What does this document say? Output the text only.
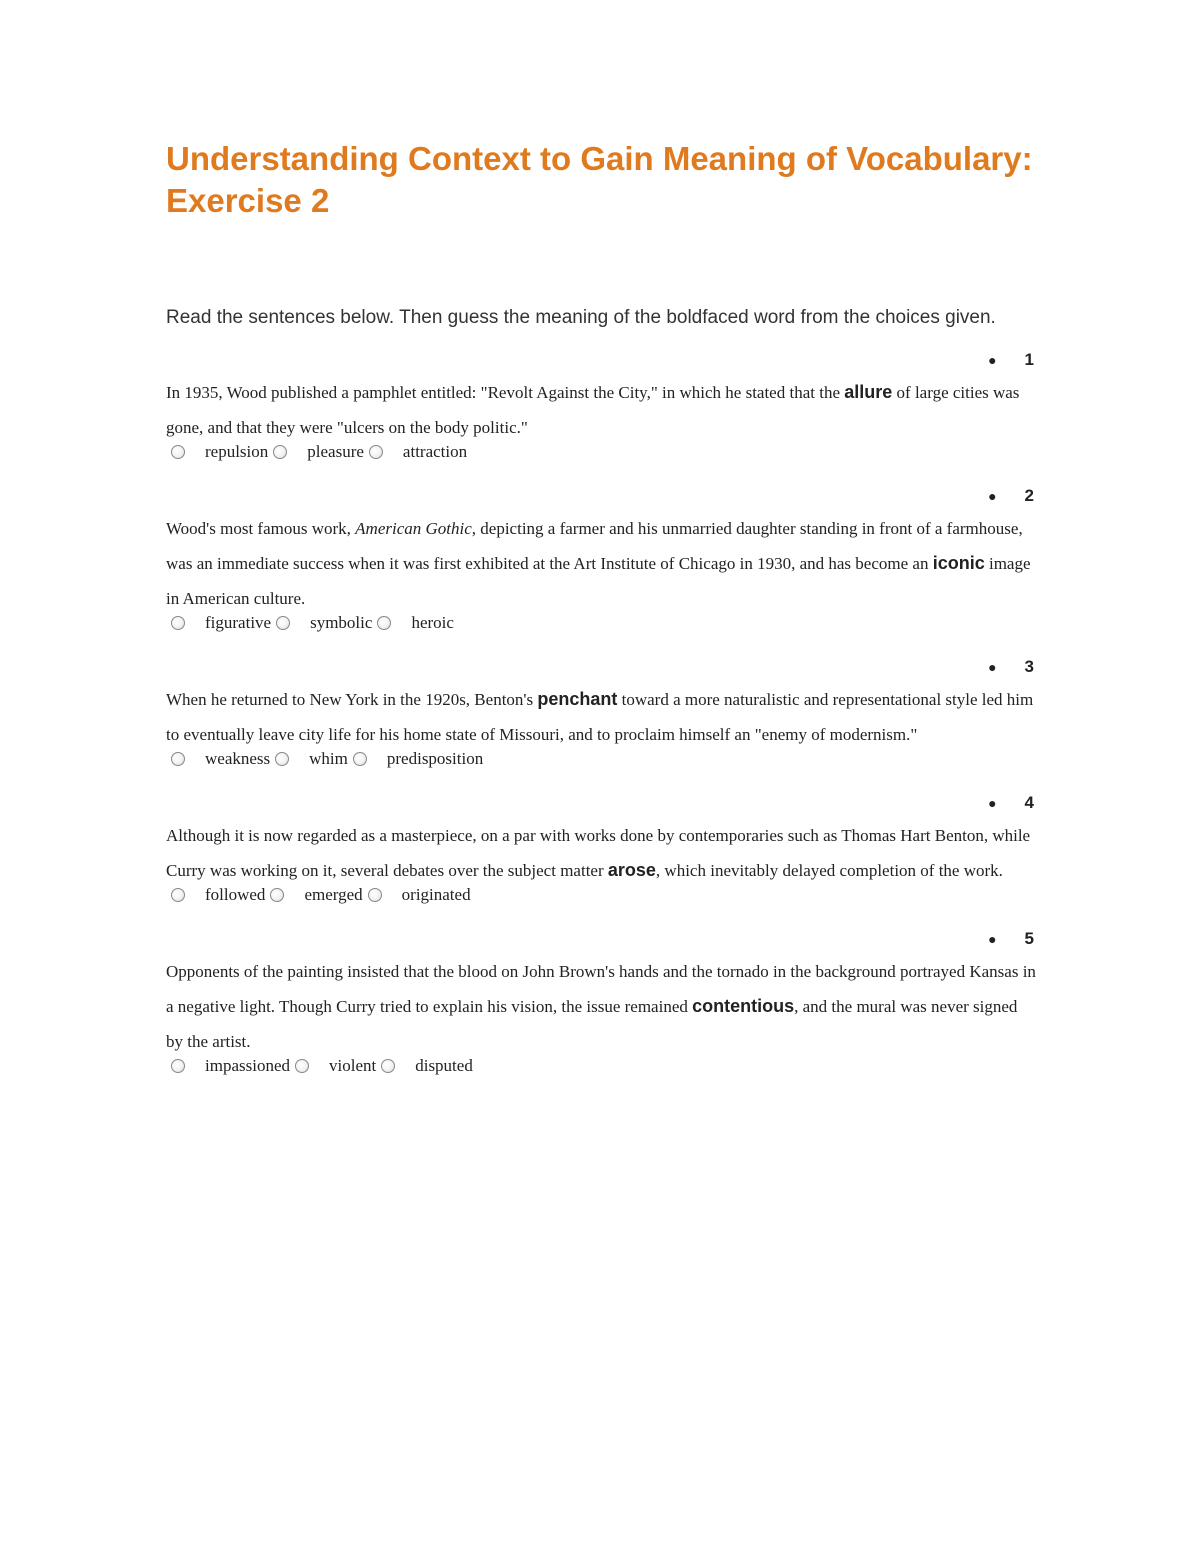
Understanding Context to Gain Meaning of Vocabulary: Exercise 2
Read the sentences below. Then guess the meaning of the boldfaced word from the choices given.
● 1
In 1935, Wood published a pamphlet entitled: "Revolt Against the City," in which he stated that the allure of large cities was gone, and that they were "ulcers on the body politic."
repulsion pleasure attraction
● 2
Wood's most famous work, American Gothic, depicting a farmer and his unmarried daughter standing in front of a farmhouse, was an immediate success when it was first exhibited at the Art Institute of Chicago in 1930, and has become an iconic image in American culture.
figurative symbolic heroic
● 3
When he returned to New York in the 1920s, Benton's penchant toward a more naturalistic and representational style led him to eventually leave city life for his home state of Missouri, and to proclaim himself an "enemy of modernism."
weakness whim predisposition
● 4
Although it is now regarded as a masterpiece, on a par with works done by contemporaries such as Thomas Hart Benton, while Curry was working on it, several debates over the subject matter arose, which inevitably delayed completion of the work.
followed emerged originated
● 5
Opponents of the painting insisted that the blood on John Brown's hands and the tornado in the background portrayed Kansas in a negative light. Though Curry tried to explain his vision, the issue remained contentious, and the mural was never signed by the artist.
impassioned violent disputed
